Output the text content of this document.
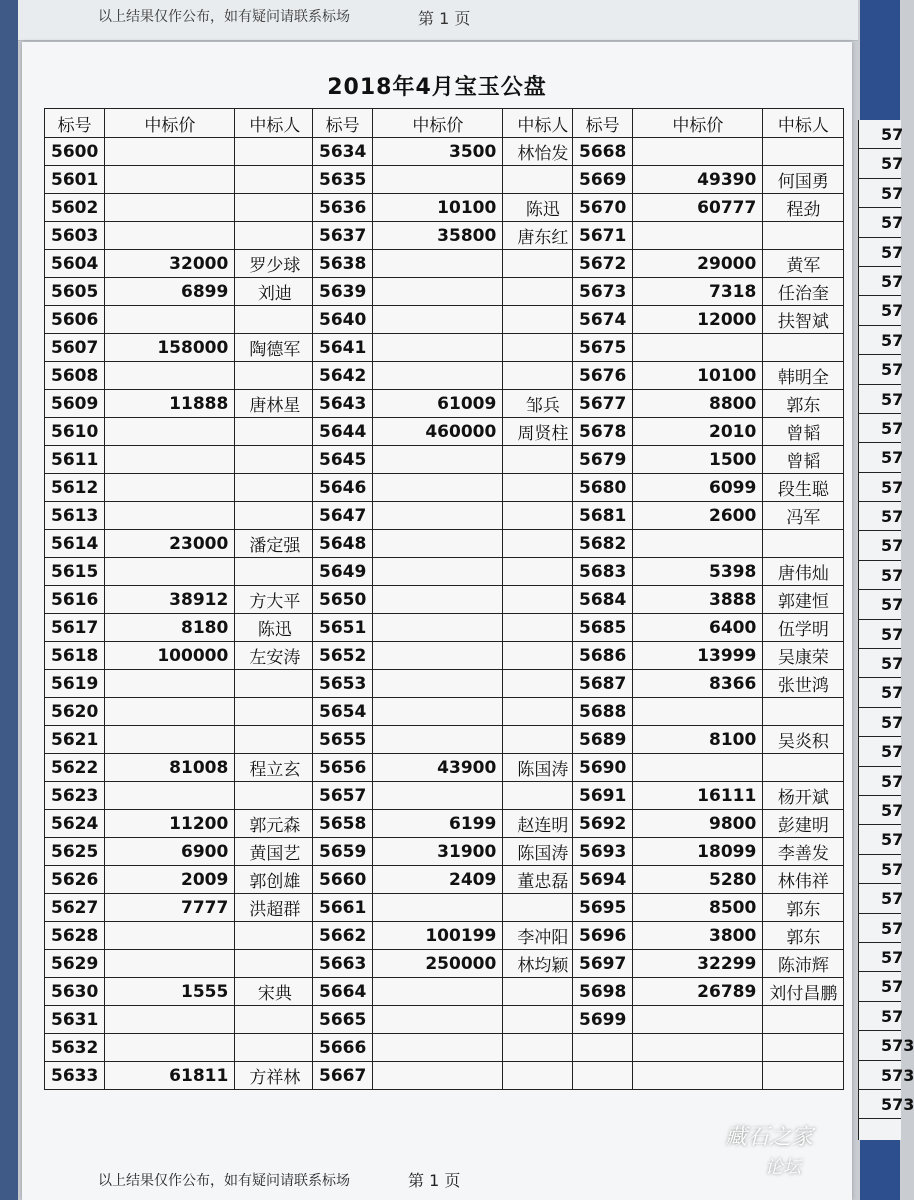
以上结果仅作公布，如有疑问请联系标场	第 1 页
2018年4月宝玉公盘
标号	中标价	中标人
5600		
5601		
5602		
5603		
5604	32000	罗少球
5605	6899	刘迪
5606		
5607	158000	陶德军
5608		
5609	11888	唐林星
5610		
5611		
5612		
5613		
5614	23000	潘定强
5615		
5616	38912	方大平
5617	8180	陈迅
5618	100000	左安涛
5619		
5620		
5621		
5622	81008	程立玄
5623		
5624	11200	郭元森
5625	6900	黄国艺
5626	2009	郭创雄
5627	7777	洪超群
5628		
5629		
5630	1555	宋典
5631		
5632		
5633	61811	方祥林
标号	中标价	中标人
5634	3500	林怡发
5635		
5636	10100	陈迅
5637	35800	唐东红
5638		
5639		
5640		
5641		
5642		
5643	61009	邹兵
5644	460000	周贤柱
5645		
5646		
5647		
5648		
5649		
5650		
5651		
5652		
5653		
5654		
5655		
5656	43900	陈国涛
5657		
5658	6199	赵连明
5659	31900	陈国涛
5660	2409	董忠磊
5661		
5662	100199	李冲阳
5663	250000	林均颖
5664		
5665		
5666		
5667		
标号	中标价	中标人
5668		
5669	49390	何国勇
5670	60777	程劲
5671		
5672	29000	黄军
5673	7318	任治奎
5674	12000	扶智斌
5675		
5676	10100	韩明全
5677	8800	郭东
5678	2010	曾韬
5679	1500	曾韬
5680	6099	段生聪
5681	2600	冯军
5682		
5683	5398	唐伟灿
5684	3888	郭建恒
5685	6400	伍学明
5686	13999	吴康荣
5687	8366	张世鸿
5688		
5689	8100	吴炎积
5690		
5691	16111	杨开斌
5692	9800	彭建明
5693	18099	李善发
5694	5280	林伟祥
5695	8500	郭东
5696	3800	郭东
5697	32299	陈沛辉
5698	26789	刘付昌鹏
5699		

以上结果仅作公布，如有疑问请联系标场	第 1 页
57
57
57
57
57
57
57
57
57
57
57
57
57
57
57
57
57
57
57
57
57
57
57
57
57
57
57
57
57
57
57
573
573
573
藏石之家
论坛
